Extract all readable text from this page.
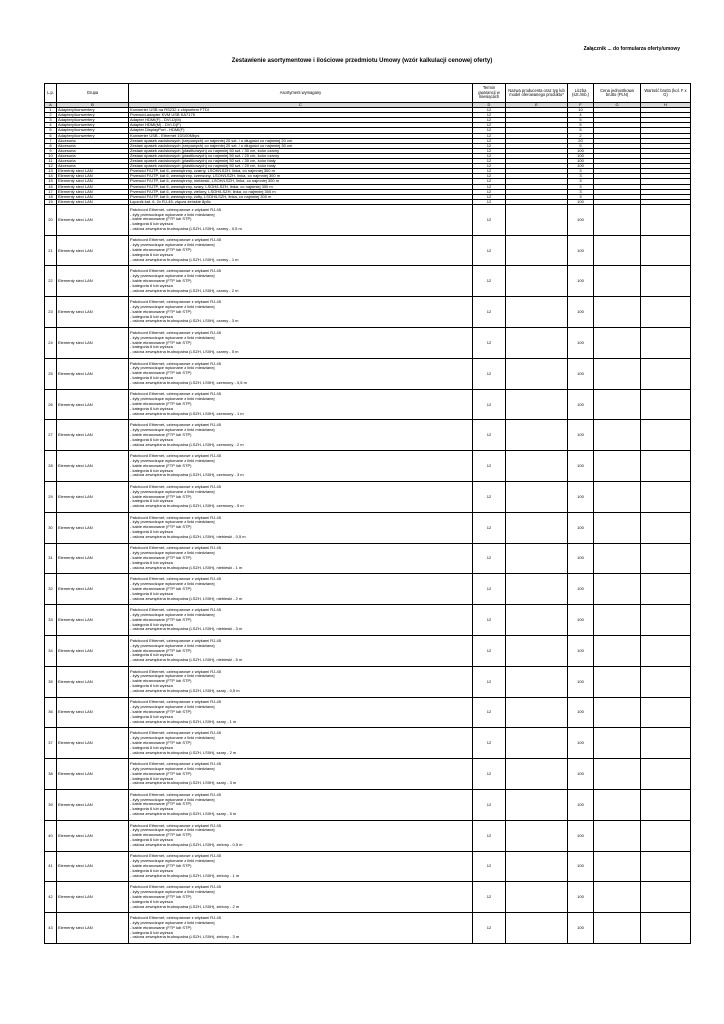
Załącznik ... do formularza oferty/umowy
Zestawienie asortymentowe i ilościowe przedmiotu Umowy (wzór kalkulacji cenowej oferty)
L.p.	Grupa	Asortyment wymagany	Termin gwarancji w miesiącach	Nazwa producenta oraz typ lub model oferowanego produktu*	Liczba (szt./mb.)	Cena jednostkowa brutto (PLN)	Wartość brutto (kol. F x G)
A	B	C	D	E	F	G	H
1	Adaptery/konwertery	Konwerter USB na RS232 z chipsetem FTDI	12		10		
2	Adaptery/konwertery	Przewód-adapter KVM USB KA7175	12		4		
3	Adaptery/konwertery	Adapter HDMI(F) - DVI-D(M)	12		5		
4	Adaptery/konwertery	Adapter HDMI(M) - DVI-D(F)	12		5		
5	Adaptery/konwertery	Adapter DisplayPort - HDMI(F)	12		5		
6	Adaptery/konwertery	Konwerter USB - Ethernet 10/100Mbps	12		2		
7	Akcesoria	Zestaw opasek zaciskowych (rzepowych) co najmniej 20 szt. / o długości co najmniej 20 cm	12		20		
8	Akcesoria	Zestaw opasek zaciskowych (rzepowych) co najmniej 20 szt. / o długości co najmniej 30 cm	12		5		
9	Akcesoria	Zestaw opasek zaciskowych (plastikowych) co najmniej 50 szt. / 30 cm, kolor czarny	12		100		
10	Akcesoria	Zestaw opasek zaciskowych (plastikowych) co najmniej 50 szt. / 20 cm, kolor czarny	12		100		
11	Akcesoria	Zestaw opasek zaciskowych (plastikowych) co najmniej 50 szt. / 30 cm, kolor biały	12		100		
12	Akcesoria	Zestaw opasek zaciskowych (plastikowych) co najmniej 50 szt. / 20 cm, kolor biały	12		100		
13	Elementy sieci LAN	Przewód F/UTP, kat 6, wewnętrzny, czarny, LSOH/LSZH, linka, co najmniej 300 m	12		3		
14	Elementy sieci LAN	Przewód F/UTP, kat 6, wewnętrzny, czerwony, LSOH/LSZH, linka, co najmniej 300 m	12		3		
15	Elementy sieci LAN	Przewód F/UTP, kat 6, wewnętrzny, niebieski, LSOH/LSZH, linka, co najmniej 300 m	12		3		
16	Elementy sieci LAN	Przewód F/UTP, kat 6, wewnętrzny, szary, LSOH/LSZH, linka, co najmniej 300 m	12		3		
17	Elementy sieci LAN	Przewód F/UTP, kat 6, wewnętrzny, zielony, LSOH/LSZH, linka, co najmniej 300 m	12		3		
18	Elementy sieci LAN	Przewód F/UTP, kat 6, wewnętrzny, żółty, LSOH/LSZH, linka, co najmniej 300 m	12		3		
19	Elementy sieci LAN	Łącznik kat. 6, 2x RJ-45, złącza żeńskie 8p8c	12		100		
20	Elementy sieci LAN	Patchcord Ethernet, czteroparowe z wtykami RJ-45
- żyły przewodzące wykonane z linki miedzianej
- kable ekranowane (FTP lub STP)
- kategoria 6 lub wyższa
- osłona zewnętrzna trudnopalna (LSZH, LS0H), czarny - 0,5 m	12		100		
21	Elementy sieci LAN	Patchcord Ethernet, czteroparowe z wtykami RJ-45
- żyły przewodzące wykonane z linki miedzianej
- kable ekranowane (FTP lub STP)
- kategoria 6 lub wyższa
- osłona zewnętrzna trudnopalna (LSZH, LS0H), czarny - 1 m	12		100		
22	Elementy sieci LAN	Patchcord Ethernet, czteroparowe z wtykami RJ-45
- żyły przewodzące wykonane z linki miedzianej
- kable ekranowane (FTP lub STP)
- kategoria 6 lub wyższa
- osłona zewnętrzna trudnopalna (LSZH, LS0H), czarny - 2 m	12		100		
23	Elementy sieci LAN	Patchcord Ethernet, czteroparowe z wtykami RJ-45
- żyły przewodzące wykonane z linki miedzianej
- kable ekranowane (FTP lub STP)
- kategoria 6 lub wyższa
- osłona zewnętrzna trudnopalna (LSZH, LS0H), czarny - 3 m	12		100		
24	Elementy sieci LAN	Patchcord Ethernet, czteroparowe z wtykami RJ-45
- żyły przewodzące wykonane z linki miedzianej
- kable ekranowane (FTP lub STP)
- kategoria 6 lub wyższa
- osłona zewnętrzna trudnopalna (LSZH, LS0H), czarny - 5 m	12		100		
25	Elementy sieci LAN	Patchcord Ethernet, czteroparowe z wtykami RJ-45
- żyły przewodzące wykonane z linki miedzianej
- kable ekranowane (FTP lub STP)
- kategoria 6 lub wyższa
- osłona zewnętrzna trudnopalna (LSZH, LS0H), czerwony - 0,5 m	12		100		
26	Elementy sieci LAN	Patchcord Ethernet, czteroparowe z wtykami RJ-45
- żyły przewodzące wykonane z linki miedzianej
- kable ekranowane (FTP lub STP)
- kategoria 6 lub wyższa
- osłona zewnętrzna trudnopalna (LSZH, LS0H), czerwony - 1 m	12		100		
27	Elementy sieci LAN	Patchcord Ethernet, czteroparowe z wtykami RJ-45
- żyły przewodzące wykonane z linki miedzianej
- kable ekranowane (FTP lub STP)
- kategoria 6 lub wyższa
- osłona zewnętrzna trudnopalna (LSZH, LS0H), czerwony - 2 m	12		100		
28	Elementy sieci LAN	Patchcord Ethernet, czteroparowe z wtykami RJ-45
- żyły przewodzące wykonane z linki miedzianej
- kable ekranowane (FTP lub STP)
- kategoria 6 lub wyższa
- osłona zewnętrzna trudnopalna (LSZH, LS0H), czerwony - 3 m	12		100		
29	Elementy sieci LAN	Patchcord Ethernet, czteroparowe z wtykami RJ-45
- żyły przewodzące wykonane z linki miedzianej
- kable ekranowane (FTP lub STP)
- kategoria 6 lub wyższa
- osłona zewnętrzna trudnopalna (LSZH, LS0H), czerwony - 5 m	12		100		
30	Elementy sieci LAN	Patchcord Ethernet, czteroparowe z wtykami RJ-45
- żyły przewodzące wykonane z linki miedzianej
- kable ekranowane (FTP lub STP)
- kategoria 6 lub wyższa
- osłona zewnętrzna trudnopalna (LSZH, LS0H), niebieski - 0,5 m	12		100		
31	Elementy sieci LAN	Patchcord Ethernet, czteroparowe z wtykami RJ-45
- żyły przewodzące wykonane z linki miedzianej
- kable ekranowane (FTP lub STP)
- kategoria 6 lub wyższa
- osłona zewnętrzna trudnopalna (LSZH, LS0H), niebieski - 1 m	12		100		
32	Elementy sieci LAN	Patchcord Ethernet, czteroparowe z wtykami RJ-45
- żyły przewodzące wykonane z linki miedzianej
- kable ekranowane (FTP lub STP)
- kategoria 6 lub wyższa
- osłona zewnętrzna trudnopalna (LSZH, LS0H), niebieski - 2 m	12		100		
33	Elementy sieci LAN	Patchcord Ethernet, czteroparowe z wtykami RJ-45
- żyły przewodzące wykonane z linki miedzianej
- kable ekranowane (FTP lub STP)
- kategoria 6 lub wyższa
- osłona zewnętrzna trudnopalna (LSZH, LS0H), niebieski - 3 m	12		100		
34	Elementy sieci LAN	Patchcord Ethernet, czteroparowe z wtykami RJ-45
- żyły przewodzące wykonane z linki miedzianej
- kable ekranowane (FTP lub STP)
- kategoria 6 lub wyższa
- osłona zewnętrzna trudnopalna (LSZH, LS0H), niebieski - 5 m	12		100		
35	Elementy sieci LAN	Patchcord Ethernet, czteroparowe z wtykami RJ-45
- żyły przewodzące wykonane z linki miedzianej
- kable ekranowane (FTP lub STP)
- kategoria 6 lub wyższa
- osłona zewnętrzna trudnopalna (LSZH, LS0H), szary - 0,5 m	12		100		
36	Elementy sieci LAN	Patchcord Ethernet, czteroparowe z wtykami RJ-45
- żyły przewodzące wykonane z linki miedzianej
- kable ekranowane (FTP lub STP)
- kategoria 6 lub wyższa
- osłona zewnętrzna trudnopalna (LSZH, LS0H), szary - 1 m	12		100		
37	Elementy sieci LAN	Patchcord Ethernet, czteroparowe z wtykami RJ-45
- żyły przewodzące wykonane z linki miedzianej
- kable ekranowane (FTP lub STP)
- kategoria 6 lub wyższa
- osłona zewnętrzna trudnopalna (LSZH, LS0H), szary - 2 m	12		100		
38	Elementy sieci LAN	Patchcord Ethernet, czteroparowe z wtykami RJ-45
- żyły przewodzące wykonane z linki miedzianej
- kable ekranowane (FTP lub STP)
- kategoria 6 lub wyższa
- osłona zewnętrzna trudnopalna (LSZH, LS0H), szary - 3 m	12		100		
39	Elementy sieci LAN	Patchcord Ethernet, czteroparowe z wtykami RJ-45
- żyły przewodzące wykonane z linki miedzianej
- kable ekranowane (FTP lub STP)
- kategoria 6 lub wyższa
- osłona zewnętrzna trudnopalna (LSZH, LS0H), szary - 5 m	12		100		
40	Elementy sieci LAN	Patchcord Ethernet, czteroparowe z wtykami RJ-45
- żyły przewodzące wykonane z linki miedzianej
- kable ekranowane (FTP lub STP)
- kategoria 6 lub wyższa
- osłona zewnętrzna trudnopalna (LSZH, LS0H), zielony - 0,5 m	12		100		
41	Elementy sieci LAN	Patchcord Ethernet, czteroparowe z wtykami RJ-45
- żyły przewodzące wykonane z linki miedzianej
- kable ekranowane (FTP lub STP)
- kategoria 6 lub wyższa
- osłona zewnętrzna trudnopalna (LSZH, LS0H), zielony - 1 m	12		100		
42	Elementy sieci LAN	Patchcord Ethernet, czteroparowe z wtykami RJ-45
- żyły przewodzące wykonane z linki miedzianej
- kable ekranowane (FTP lub STP)
- kategoria 6 lub wyższa
- osłona zewnętrzna trudnopalna (LSZH, LS0H), zielony - 2 m	12		100		
43	Elementy sieci LAN	Patchcord Ethernet, czteroparowe z wtykami RJ-45
- żyły przewodzące wykonane z linki miedzianej
- kable ekranowane (FTP lub STP)
- kategoria 6 lub wyższa
- osłona zewnętrzna trudnopalna (LSZH, LS0H), zielony - 3 m	12		100		
